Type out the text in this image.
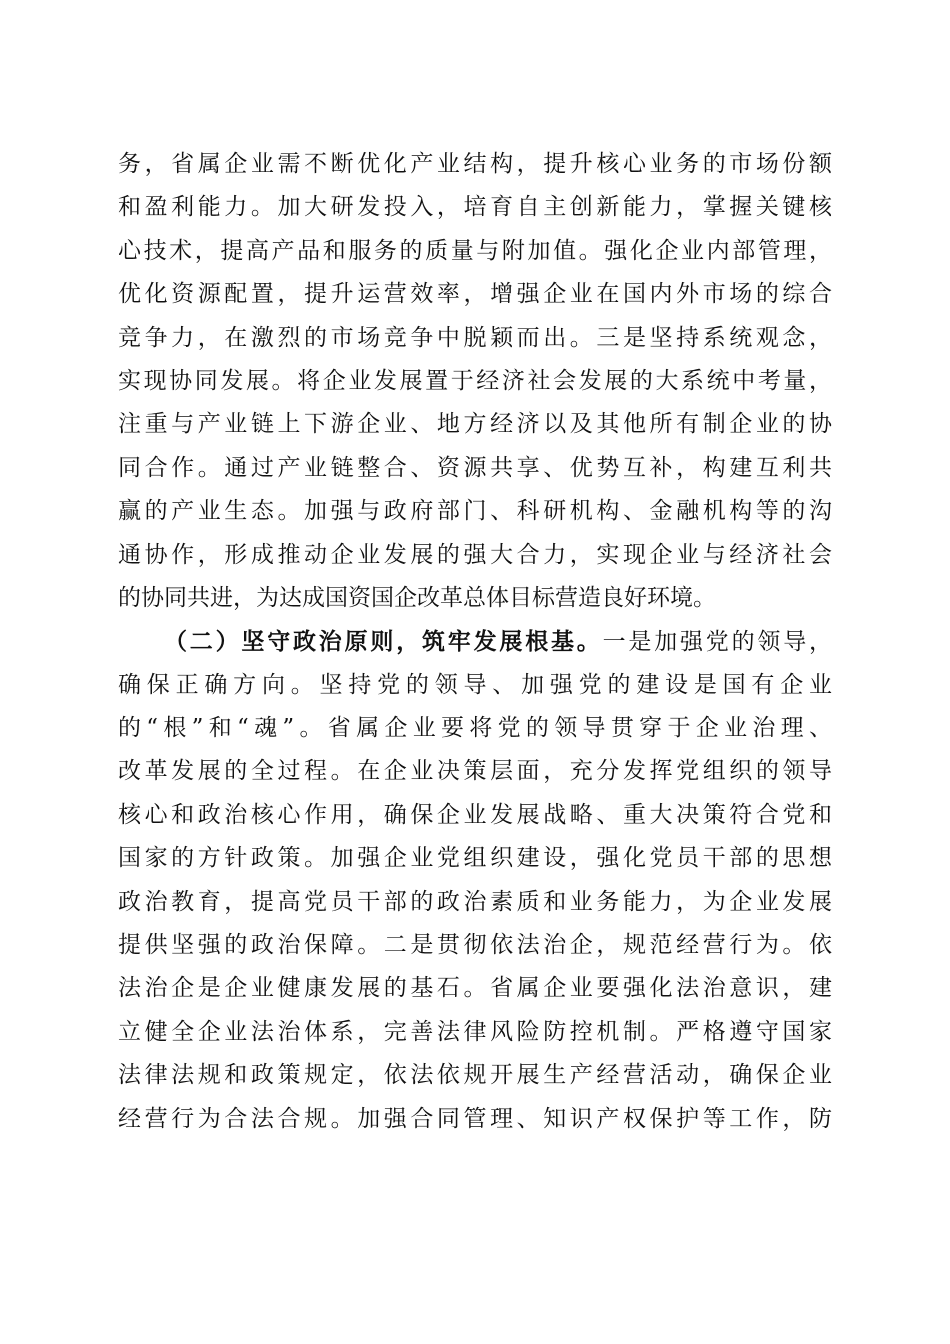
务，省属企业需不断优化产业结构，提升核心业务的市场份额
和盈利能力。加大研发投入，培育自主创新能力，掌握关键核
心技术，提高产品和服务的质量与附加值。强化企业内部管理，
优化资源配置，提升运营效率，增强企业在国内外市场的综合
竞争力，在激烈的市场竞争中脱颖而出。三是坚持系统观念，
实现协同发展。将企业发展置于经济社会发展的大系统中考量，
注重与产业链上下游企业、地方经济以及其他所有制企业的协
同合作。通过产业链整合、资源共享、优势互补，构建互利共
赢的产业生态。加强与政府部门、科研机构、金融机构等的沟
通协作，形成推动企业发展的强大合力，实现企业与经济社会
的协同共进，为达成国资国企改革总体目标营造良好环境。
（二）坚守政治原则，筑牢发展根基。一是加强党的领导，
确保正确方向。坚持党的领导、加强党的建设是国有企业
的“根”和“魂”。省属企业要将党的领导贯穿于企业治理、
改革发展的全过程。在企业决策层面，充分发挥党组织的领导
核心和政治核心作用，确保企业发展战略、重大决策符合党和
国家的方针政策。加强企业党组织建设，强化党员干部的思想
政治教育，提高党员干部的政治素质和业务能力，为企业发展
提供坚强的政治保障。二是贯彻依法治企，规范经营行为。依
法治企是企业健康发展的基石。省属企业要强化法治意识，建
立健全企业法治体系，完善法律风险防控机制。严格遵守国家
法律法规和政策规定，依法依规开展生产经营活动，确保企业
经营行为合法合规。加强合同管理、知识产权保护等工作，防
